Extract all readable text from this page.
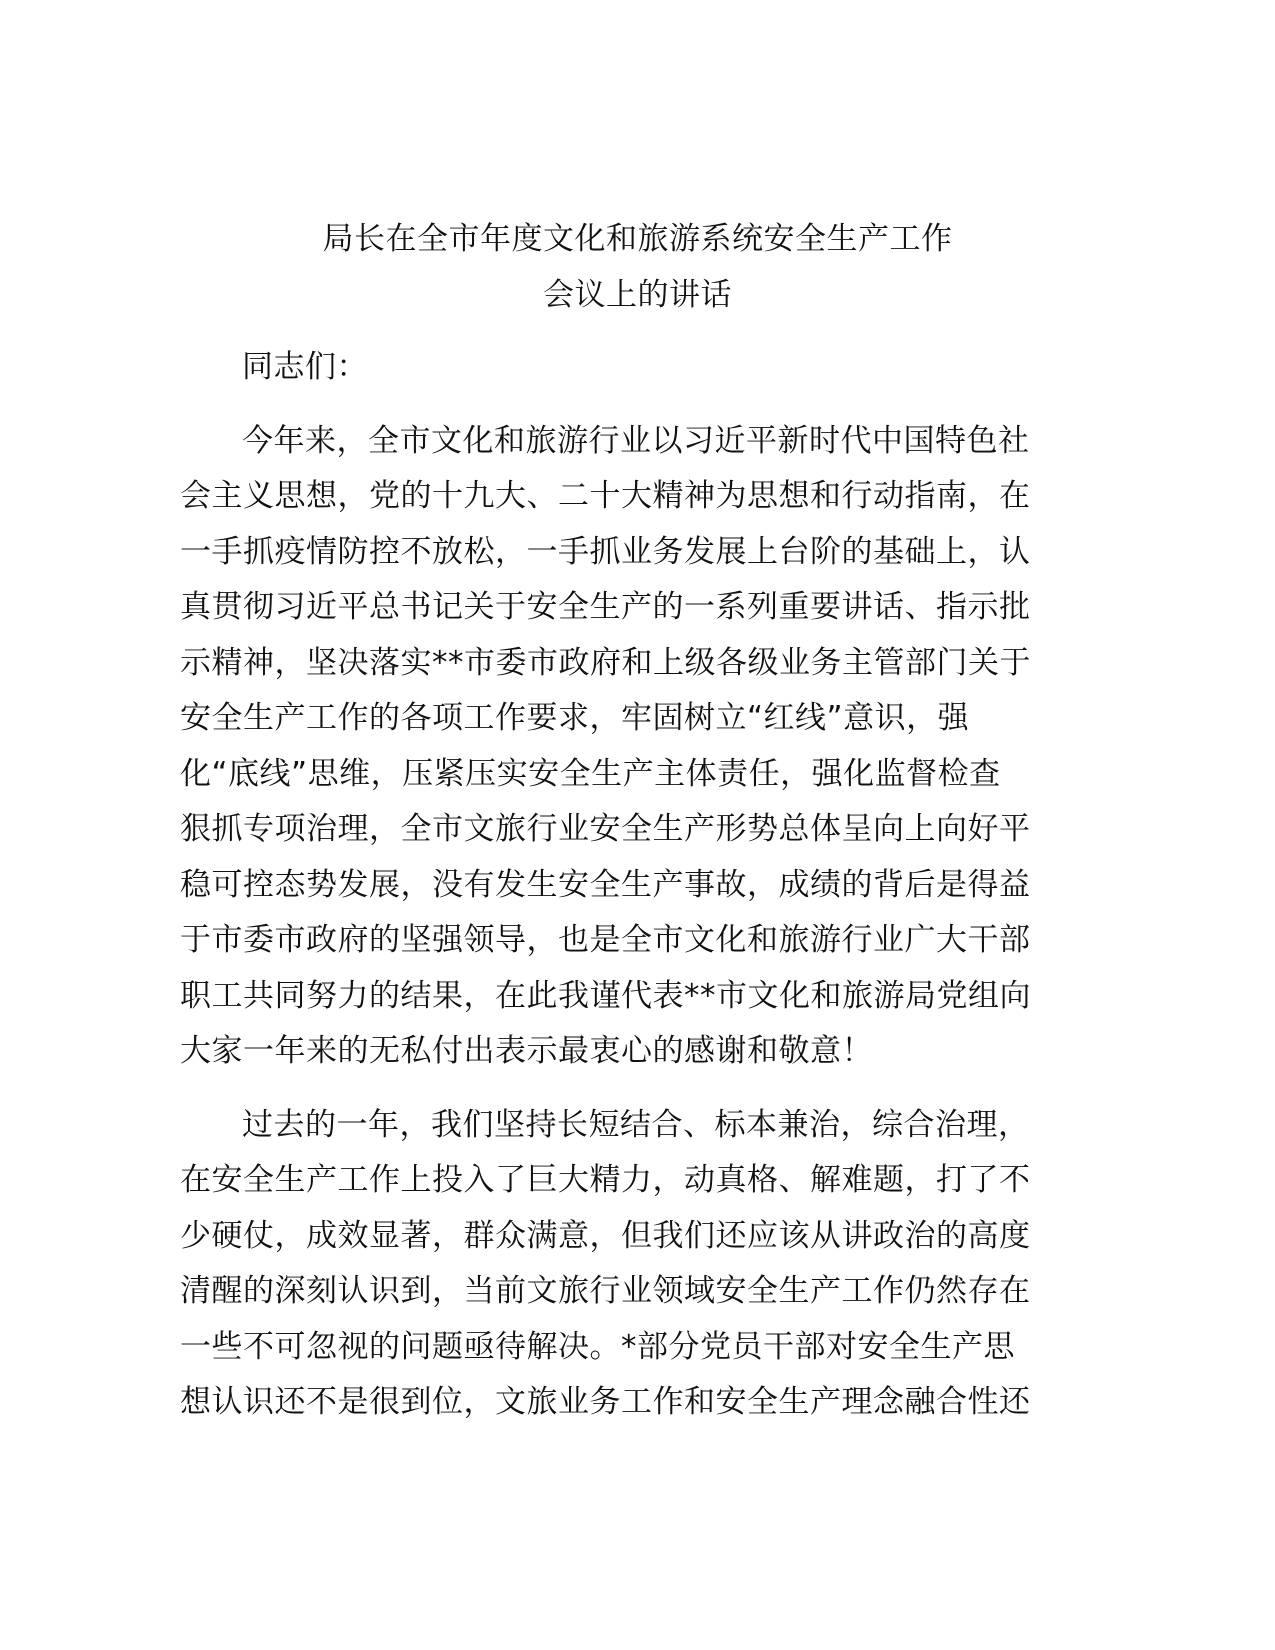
局长在全市年度文化和旅游系统安全生产工作
会议上的讲话
同志们：
今年来，全市文化和旅游行业以习近平新时代中国特色社
会主义思想，党的十九大、二十大精神为思想和行动指南，在
一手抓疫情防控不放松，一手抓业务发展上台阶的基础上，认
真贯彻习近平总书记关于安全生产的一系列重要讲话、指示批
示精神，坚决落实**市委市政府和上级各级业务主管部门关于
安全生产工作的各项工作要求，牢固树立“红线”意识，强
化“底线”思维，压紧压实安全生产主体责任，强化监督检查
狠抓专项治理，全市文旅行业安全生产形势总体呈向上向好平
稳可控态势发展，没有发生安全生产事故，成绩的背后是得益
于市委市政府的坚强领导，也是全市文化和旅游行业广大干部
职工共同努力的结果，在此我谨代表**市文化和旅游局党组向
大家一年来的无私付出表示最衷心的感谢和敬意！
过去的一年，我们坚持长短结合、标本兼治，综合治理，
在安全生产工作上投入了巨大精力，动真格、解难题，打了不
少硬仗，成效显著，群众满意，但我们还应该从讲政治的高度
清醒的深刻认识到，当前文旅行业领域安全生产工作仍然存在
一些不可忽视的问题亟待解决。*部分党员干部对安全生产思
想认识还不是很到位，文旅业务工作和安全生产理念融合性还
